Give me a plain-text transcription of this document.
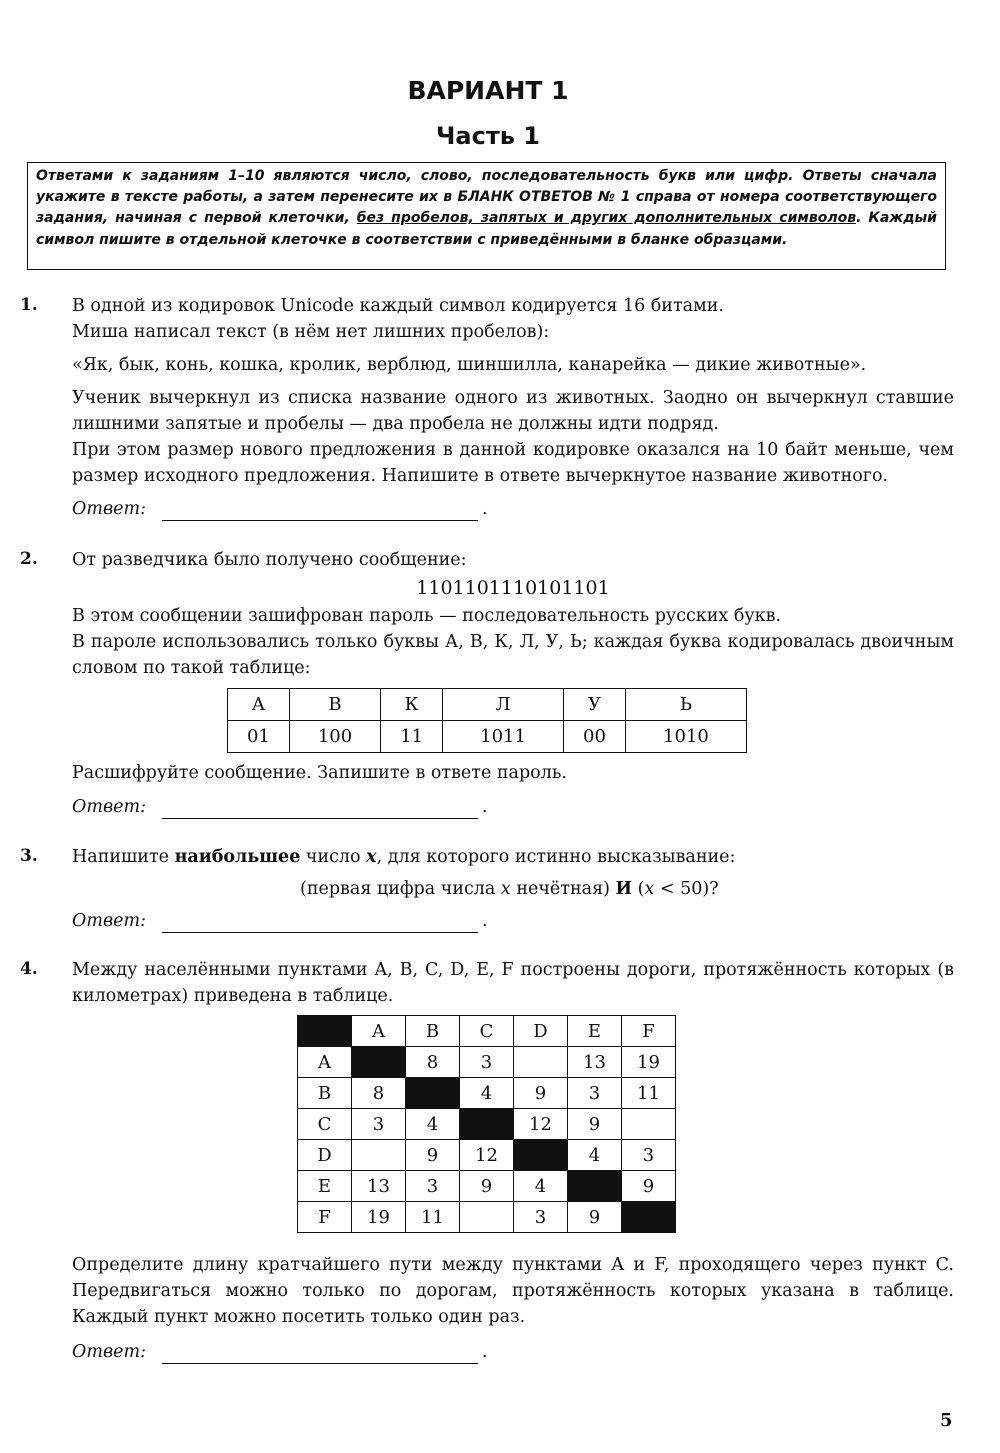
ВАРИАНТ 1
Часть 1
Ответами к заданиям 1–10 являются число, слово, последовательность букв или цифр. Ответы сначала укажите в тексте работы, а затем перенесите их в БЛАНК ОТВЕТОВ № 1 справа от номера соответствующего задания, начиная с первой клеточки, без пробелов, запятых и других дополнительных символов. Каждый символ пишите в отдельной клеточке в соответствии с приведёнными в бланке образцами.
1. В одной из кодировок Unicode каждый символ кодируется 16 битами.

Миша написал текст (в нём нет лишних пробелов):

«Як, бык, конь, кошка, кролик, верблюд, шиншилла, канарейка — дикие животные».

Ученик вычеркнул из списка название одного из животных. Заодно он вычеркнул ставшие лишними запятые и пробелы — два пробела не должны идти подряд.

При этом размер нового предложения в данной кодировке оказался на 10 байт меньше, чем размер исходного предложения. Напишите в ответе вычеркнутое название животного.

Ответ:	.
2. От разведчика было получено сообщение:

1101101110101101

В этом сообщении зашифрован пароль — последовательность русских букв.

В пароле использовались только буквы А, В, К, Л, У, Ь; каждая буква кодировалась двоичным словом по такой таблице:

А	В	К	Л	У	Ь
01	100	11	1011	00	1010

Расшифруйте сообщение. Запишите в ответе пароль.

Ответ:	.
3. Напишите наибольшее число x, для которого истинно высказывание:

(первая цифра числа x нечётная) И (x < 50)?

Ответ:	.
4. Между населёнными пунктами A, B, C, D, E, F построены дороги, протяжённость которых (в километрах) приведена в таблице.

	A	B	C	D	E	F
A		8	3		13	19
B	8		4	9	3	11
C	3	4		12	9	
D		9	12		4	3
E	13	3	9	4		9
F	19	11		3	9	

Определите длину кратчайшего пути между пунктами A и F, проходящего через пункт C. Передвигаться можно только по дорогам, протяжённость которых указана в таблице. Каждый пункт можно посетить только один раз.

Ответ:	.
5
